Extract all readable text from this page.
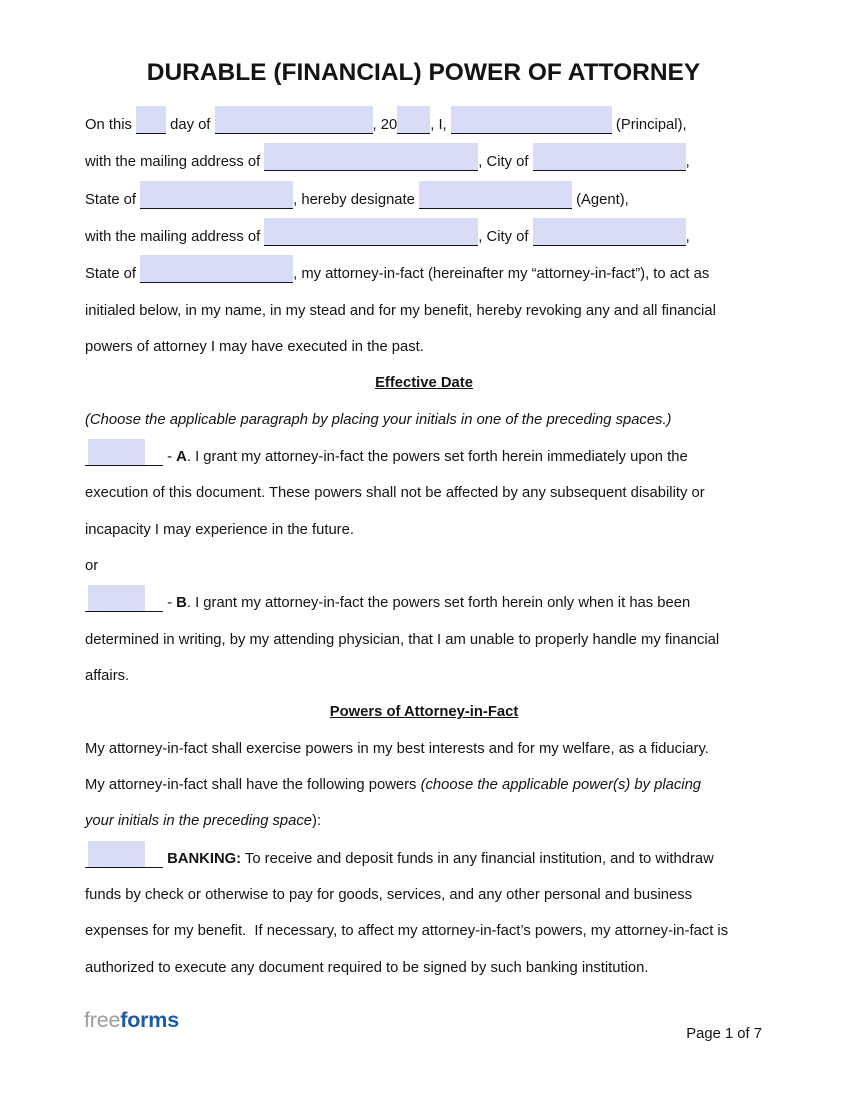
DURABLE (FINANCIAL) POWER OF ATTORNEY
On this  day of	, 20 , I,	(Principal),
with the mailing address of	, City of	,
State of	, hereby designate	(Agent),
with the mailing address of	, City of	,
State of	, my attorney-in-fact (hereinafter my “attorney-in-fact”), to act as
initialed below, in my name, in my stead and for my benefit, hereby revoking any and all financial
powers of attorney I may have executed in the past.
Effective Date
(Choose the applicable paragraph by placing your initials in one of the preceding spaces.)
- A. I grant my attorney-in-fact the powers set forth herein immediately upon the
execution of this document. These powers shall not be affected by any subsequent disability or
incapacity I may experience in the future.
or
- B. I grant my attorney-in-fact the powers set forth herein only when it has been
determined in writing, by my attending physician, that I am unable to properly handle my financial
affairs.
Powers of Attorney-in-Fact
My attorney-in-fact shall exercise powers in my best interests and for my welfare, as a fiduciary.
My attorney-in-fact shall have the following powers (choose the applicable power(s) by placing
your initials in the preceding space):
BANKING: To receive and deposit funds in any financial institution, and to withdraw
funds by check or otherwise to pay for goods, services, and any other personal and business
expenses for my benefit.  If necessary, to affect my attorney-in-fact’s powers, my attorney-in-fact is
authorized to execute any document required to be signed by such banking institution.
freeforms
Page 1 of 7
